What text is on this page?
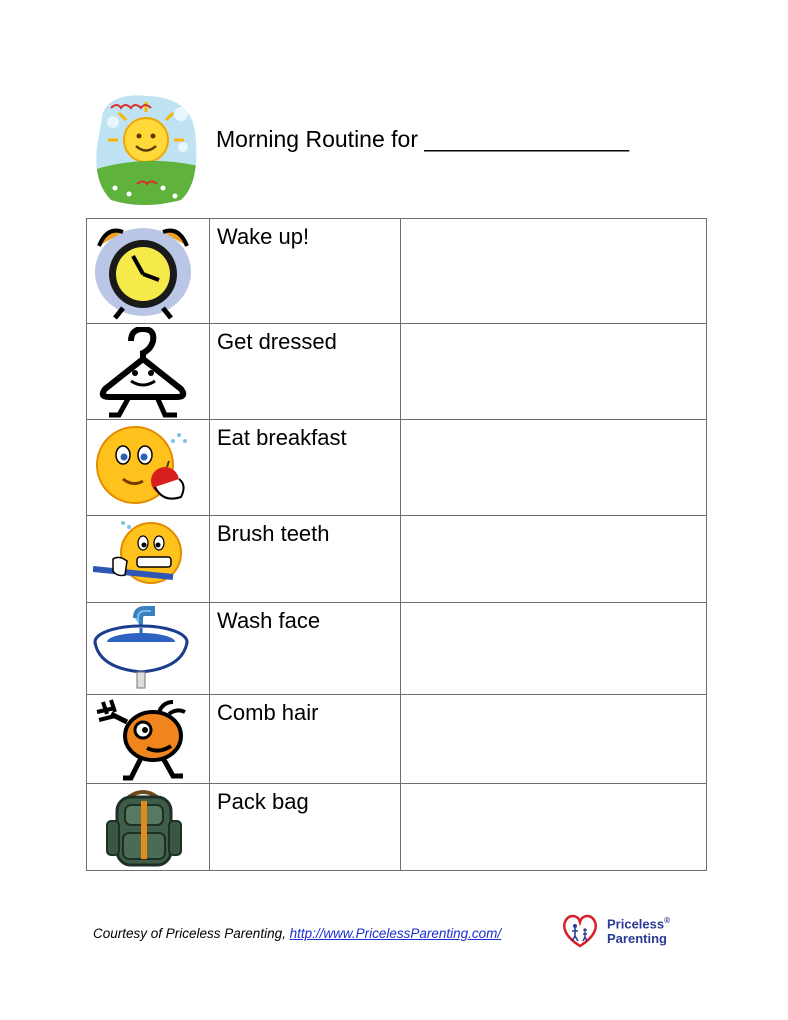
Morning Routine for ________________

Wake up!	

Get dressed	

Eat breakfast	

Brush teeth	

Wash face	

Comb hair	

Pack bag	

Courtesy of Priceless Parenting, http://www.PricelessParenting.com/
Priceless®
Parenting
